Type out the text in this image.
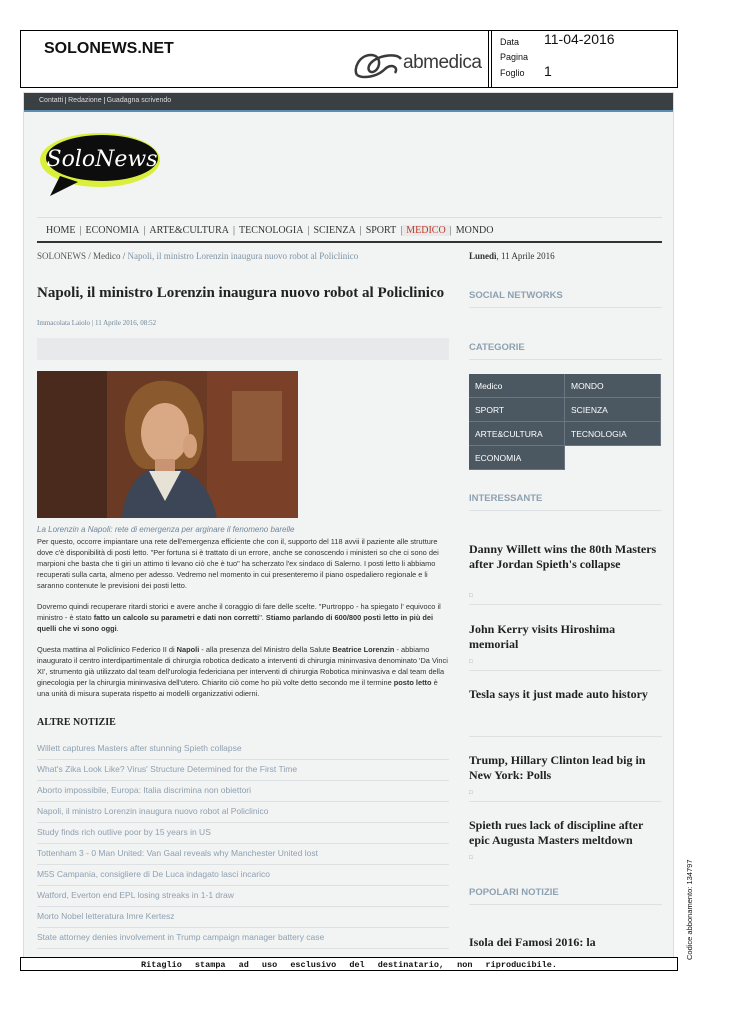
SOLONEWS.NET
abmedica
Data 11-04-2016
Pagina
Foglio 1
Contatti Redazione Guadagna scrivendo
SoloNews
HOME | ECONOMIA | ARTE&CULTURA | TECNOLOGIA | SCIENZA | SPORT | MEDICO | MONDO
SOLONEWS / Medico / Napoli, il ministro Lorenzin inaugura nuovo robot al Policlinico	Lunedì, 11 Aprile 2016
Napoli, il ministro Lorenzin inaugura nuovo robot al Policlinico
Immacolata Laiolo | 11 Aprile 2016, 08:52
La Lorenzin a Napoli: rete di emergenza per arginare il fenomeno barelle
Per questo, occorre impiantare una rete dell'emergenza efficiente che con il, supporto del 118 avvii il paziente alle strutture dove c'è disponibilità di posti letto. "Per fortuna si è trattato di un errore, anche se conoscendo i ministeri so che ci sono dei marpioni che basta che ti giri un attimo ti levano ciò che è tuo" ha scherzato l'ex sindaco di Salerno. I posti letto li abbiamo recuperati sulla carta, almeno per adesso. Vedremo nel momento in cui presenteremo il piano ospedaliero regionale e li saranno contenute le previsioni dei posti letto.
Dovremo quindi recuperare ritardi storici e avere anche il coraggio di fare delle scelte. "Purtroppo - ha spiegato l' equivoco il ministro - è stato fatto un calcolo su parametri e dati non corretti". Stiamo parlando di 600/800 posti letto in più dei quelli che vi sono oggi.
Questa mattina al Policlinico Federico II di Napoli - alla presenza del Ministro della Salute Beatrice Lorenzin - abbiamo inaugurato il centro interdipartimentale di chirurgia robotica dedicato a interventi di chirurgia mininvasiva denominato 'Da Vinci XI', strumento già utilizzato dal team dell'urologia federiciana per interventi di chirurgia Robotica mininvasiva e dal team della ginecologia per la chirurgia mininvasiva dell'utero. Chiarito ciò come ho più volte detto secondo me il termine posto letto è una unità di misura superata rispetto ai modelli organizzativi odierni.
ALTRE NOTIZIE
Willett captures Masters after stunning Spieth collapse
What's Zika Look Like? Virus' Structure Determined for the First Time
Aborto impossibile, Europa: Italia discrimina non obiettori
Napoli, il ministro Lorenzin inaugura nuovo robot al Policlinico
Study finds rich outlive poor by 15 years in US
Tottenham 3 - 0 Man United: Van Gaal reveals why Manchester United lost
M5S Campania, consigliere di De Luca indagato lasci incarico
Watford, Everton end EPL losing streaks in 1-1 draw
Morto Nobel letteratura Imre Kertesz
State attorney denies involvement in Trump campaign manager battery case
SOCIAL NETWORKS
CATEGORIE
Medico	MONDO
SPORT	SCIENZA
ARTE&CULTURA	TECNOLOGIA
ECONOMIA
INTERESSANTE
Danny Willett wins the 80th Masters after Jordan Spieth's collapse
□
John Kerry visits Hiroshima memorial
□
Tesla says it just made auto history
Trump, Hillary Clinton lead big in New York: Polls
□
Spieth rues lack of discipline after epic Augusta Masters meltdown
□
POPOLARI NOTIZIE
Isola dei Famosi 2016: la
Ritaglio stampa ad uso esclusivo del destinatario, non riproducibile.
Codice abbonamento: 134797
